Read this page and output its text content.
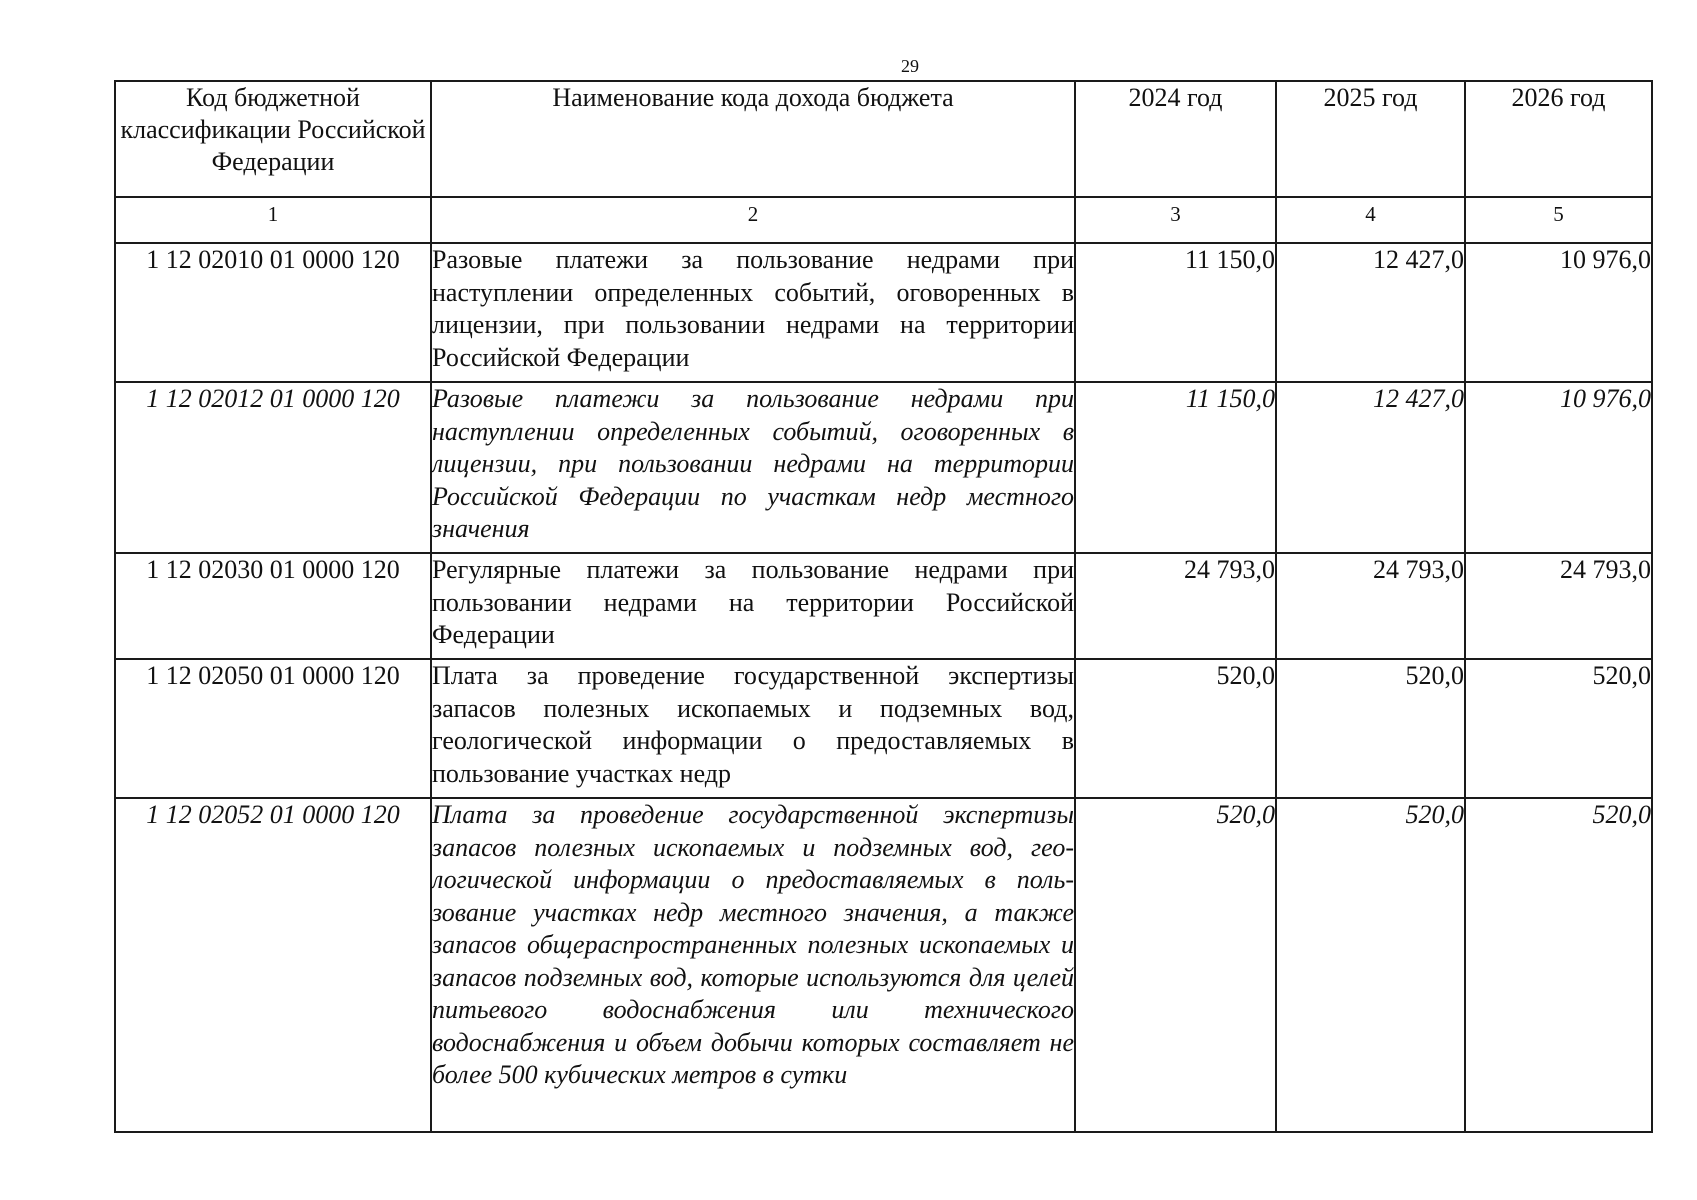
29
Код бюджетной классификации Российской Федерации	Наименование кода дохода бюджета	2024 год	2025 год	2026 год
1	2	3	4	5
1 12 02010 01 0000 120	Разовые платежи за пользование недрами при наступлении определенных событий, оговоренных в лицензии, при пользовании недрами на территории Российской Федерации	11 150,0	12 427,0	10 976,0
1 12 02012 01 0000 120	Разовые платежи за пользование недрами при наступлении определенных событий, оговоренных в лицензии, при пользовании недрами на территории Российской Федерации по участкам недр местного значения	11 150,0	12 427,0	10 976,0
1 12 02030 01 0000 120	Регулярные платежи за пользование недрами при пользовании недрами на территории Российской Федерации	24 793,0	24 793,0	24 793,0
1 12 02050 01 0000 120	Плата за проведение государственной экспертизы запасов полезных ископаемых и подземных вод, геологической информации о предоставляемых в пользование участках недр	520,0	520,0	520,0
1 12 02052 01 0000 120	Плата за проведение государственной экспертизы запасов полезных ископаемых и подземных вод, геологической информации о предоставляемых в пользование участках недр местного значения, а также запасов общераспространенных полезных ископаемых и запасов подземных вод, которые используются для целей питьевого водоснабжения или технического водоснабжения и объем добычи которых составляет не более 500 кубических метров в сутки	520,0	520,0	520,0
